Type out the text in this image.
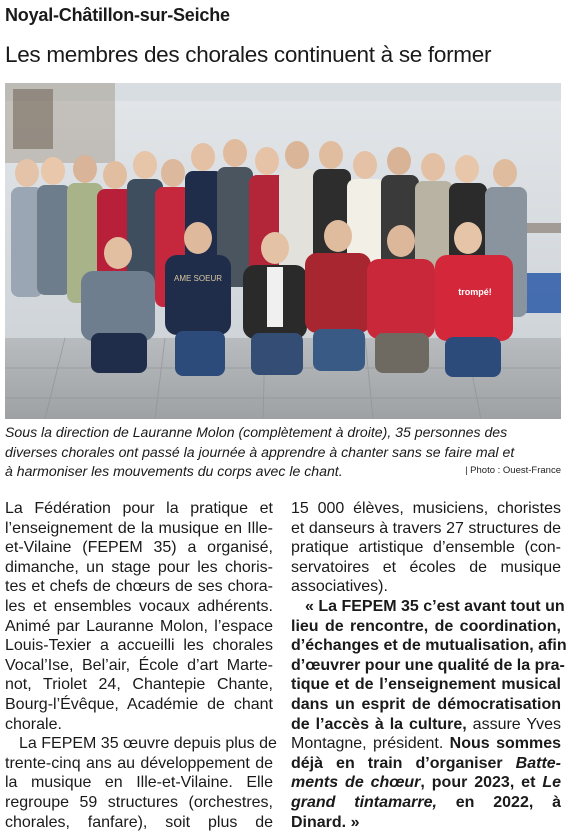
Noyal-Châtillon-sur-Seiche
Les membres des chorales continuent à se former
AME SOEUR
trompé!
Sous la direction de Lauranne Molon (complètement à droite), 35 personnes des
diverses chorales ont passé la journée à apprendre à chanter sans se faire mal et
à harmoniser les mouvements du corps avec le chant.	| Photo : Ouest-France
La Fédération pour la pratique et
l’enseignement de la musique en Ille-
et-Vilaine (FEPEM 35) a organisé,
dimanche, un stage pour les choris-
tes et chefs de chœurs de ses chora-
les et ensembles vocaux adhérents.
Animé par Lauranne Molon, l’espace
Louis-Texier a accueilli les chorales
Vocal’Ise, Bel’air, École d’art Marte-
not, Triolet 24, Chantepie Chante,
Bourg-l’Évêque, Académie de chant
chorale.
La FEPEM 35 œuvre depuis plus de
trente-cinq ans au développement de
la musique en Ille-et-Vilaine. Elle
regroupe 59 structures (orchestres,
chorales, fanfare), soit plus de
15 000 élèves, musiciens, choristes
et danseurs à travers 27 structures de
pratique artistique d’ensemble (con-
servatoires et écoles de musique
associatives).
« La FEPEM 35 c’est avant tout un
lieu de rencontre, de coordination,
d’échanges et de mutualisation, afin
d’œuvrer pour une qualité de la pra-
tique et de l’enseignement musical
dans un esprit de démocratisation
de l’accès à la culture, assure Yves
Montagne, président. Nous sommes
déjà en train d’organiser Batte-
ments de chœur, pour 2023, et Le
grand tintamarre, en 2022, à
Dinard. »
